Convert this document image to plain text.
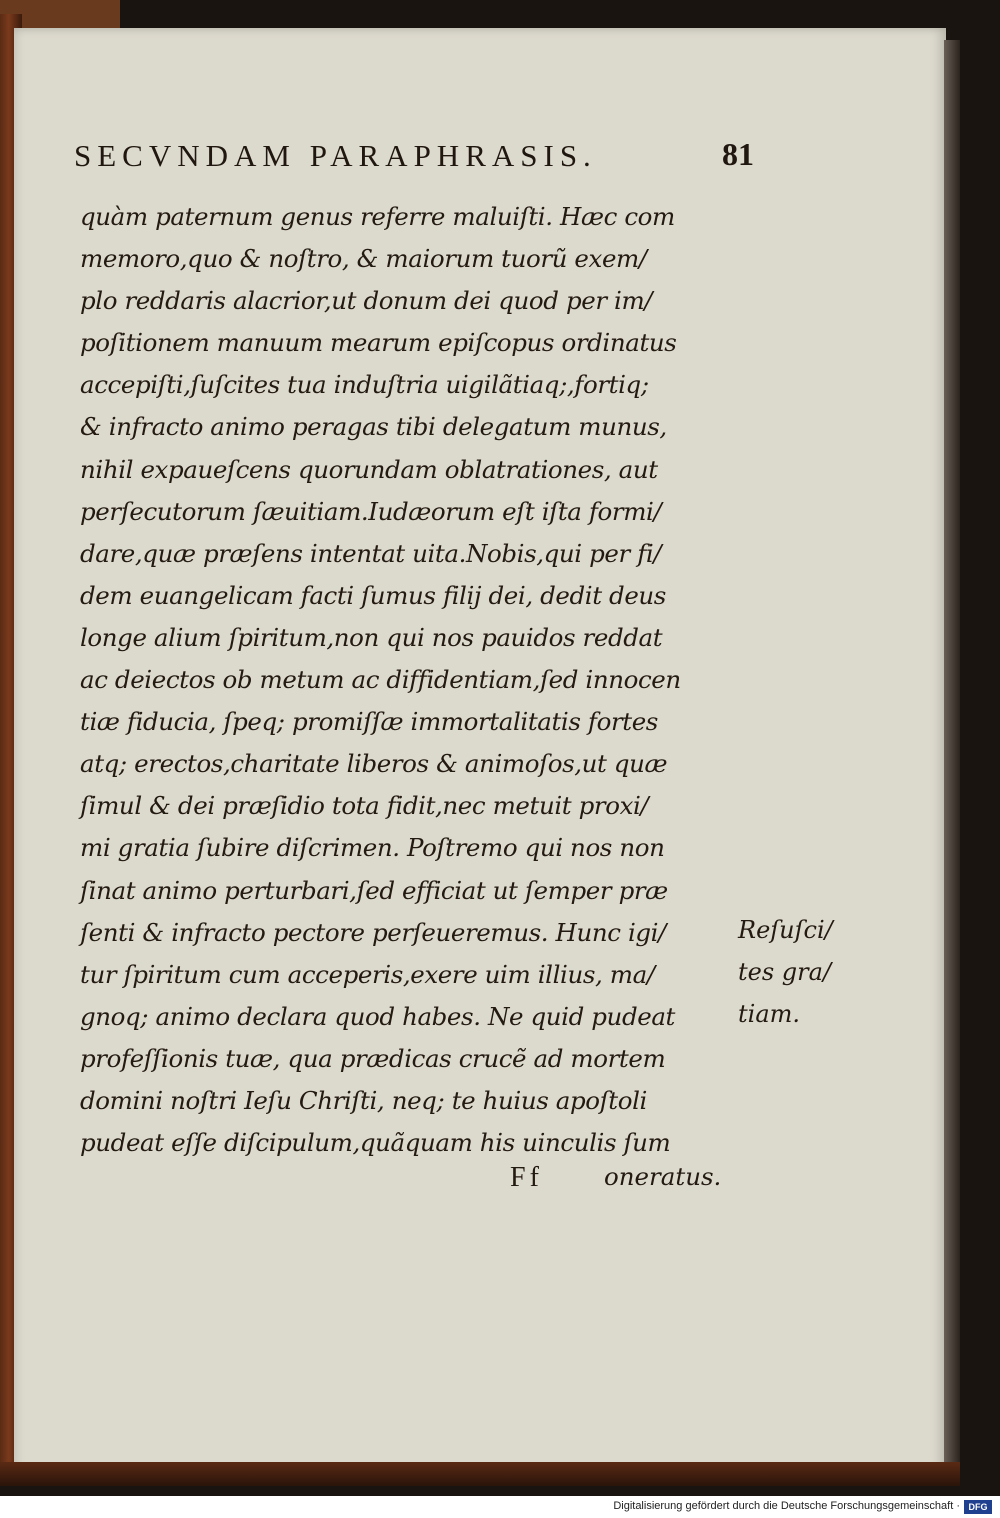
SECVNDAM PARAPHRASIS.	81
quàm paternum genus referre maluiſti. Hæc com
memoro,quo & noſtro, & maiorum tuorũ exem/
plo reddaris alacrior,ut donum dei quod per im/
poſitionem manuum mearum epiſcopus ordinatus
accepiſti,ſuſcites tua induſtria uigilãtiaq;,fortiq;
& infracto animo peragas tibi delegatum munus,
nihil expaueſcens quorundam oblatrationes, aut
perſecutorum ſæuitiam.Iudæorum eſt iſta formi/
dare,quæ præſens intentat uita.Nobis,qui per fi/
dem euangelicam facti ſumus filij dei, dedit deus
longe alium ſpiritum,non qui nos pauidos reddat
ac deiectos ob metum ac diffidentiam,ſed innocen
tiæ fiducia, ſpeq; promiſſæ immortalitatis fortes
atq; erectos,charitate liberos & animoſos,ut quæ
ſimul & dei præſidio tota fidit,nec metuit proxi/
mi gratia ſubire diſcrimen. Poſtremo qui nos non
ſinat animo perturbari,ſed efficiat ut ſemper præ
ſenti & infracto pectore perſeueremus. Hunc igi/
tur ſpiritum cum acceperis,exere uim illius, ma/
gnoq; animo declara quod habes. Ne quid pudeat
profeſſionis tuæ, qua prædicas crucẽ ad mortem
domini noſtri Ieſu Chriſti, neq; te huius apoſtoli
pudeat eſſe diſcipulum,quãquam his uinculis ſum
Reſuſci/
tes gra/
tiam.
Ff oneratus.
Digitalisierung gefördert durch die Deutsche Forschungsgemeinschaft · DFG
